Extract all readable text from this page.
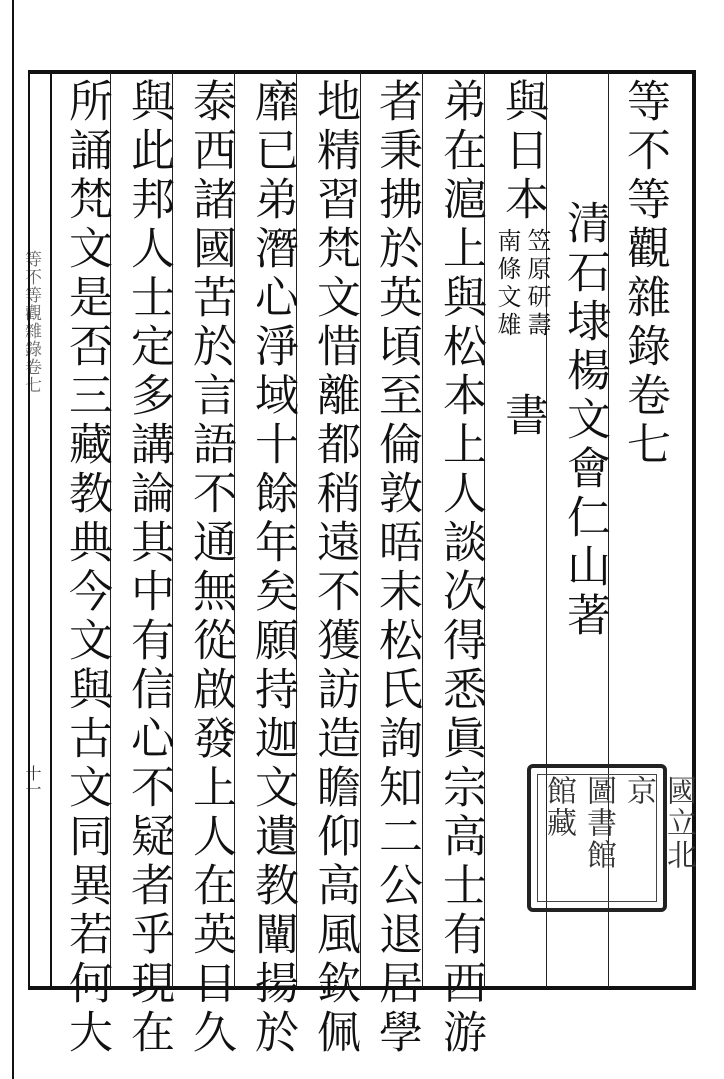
等不等觀雜錄卷七
十一
等不等觀雜錄卷七
清石埭楊文會仁山著
與日本
笠原研壽
南條文雄
書
弟在滬上與松本上人談次得悉眞宗高士有西游
者秉拂於英頃至倫敦晤末松氏詢知二公退居學
地精習梵文惜離都稍遠不獲訪造瞻仰高風欽佩
靡已弟潛心淨域十餘年矣願持迦文遺教闡揚於
泰西諸國苦於言語不通無從啟發上人在英日久
與此邦人士定多講論其中有信心不疑者乎現在
所誦梵文是否三藏教典今文與古文同異若何大	國立北京
圖書館
館藏
